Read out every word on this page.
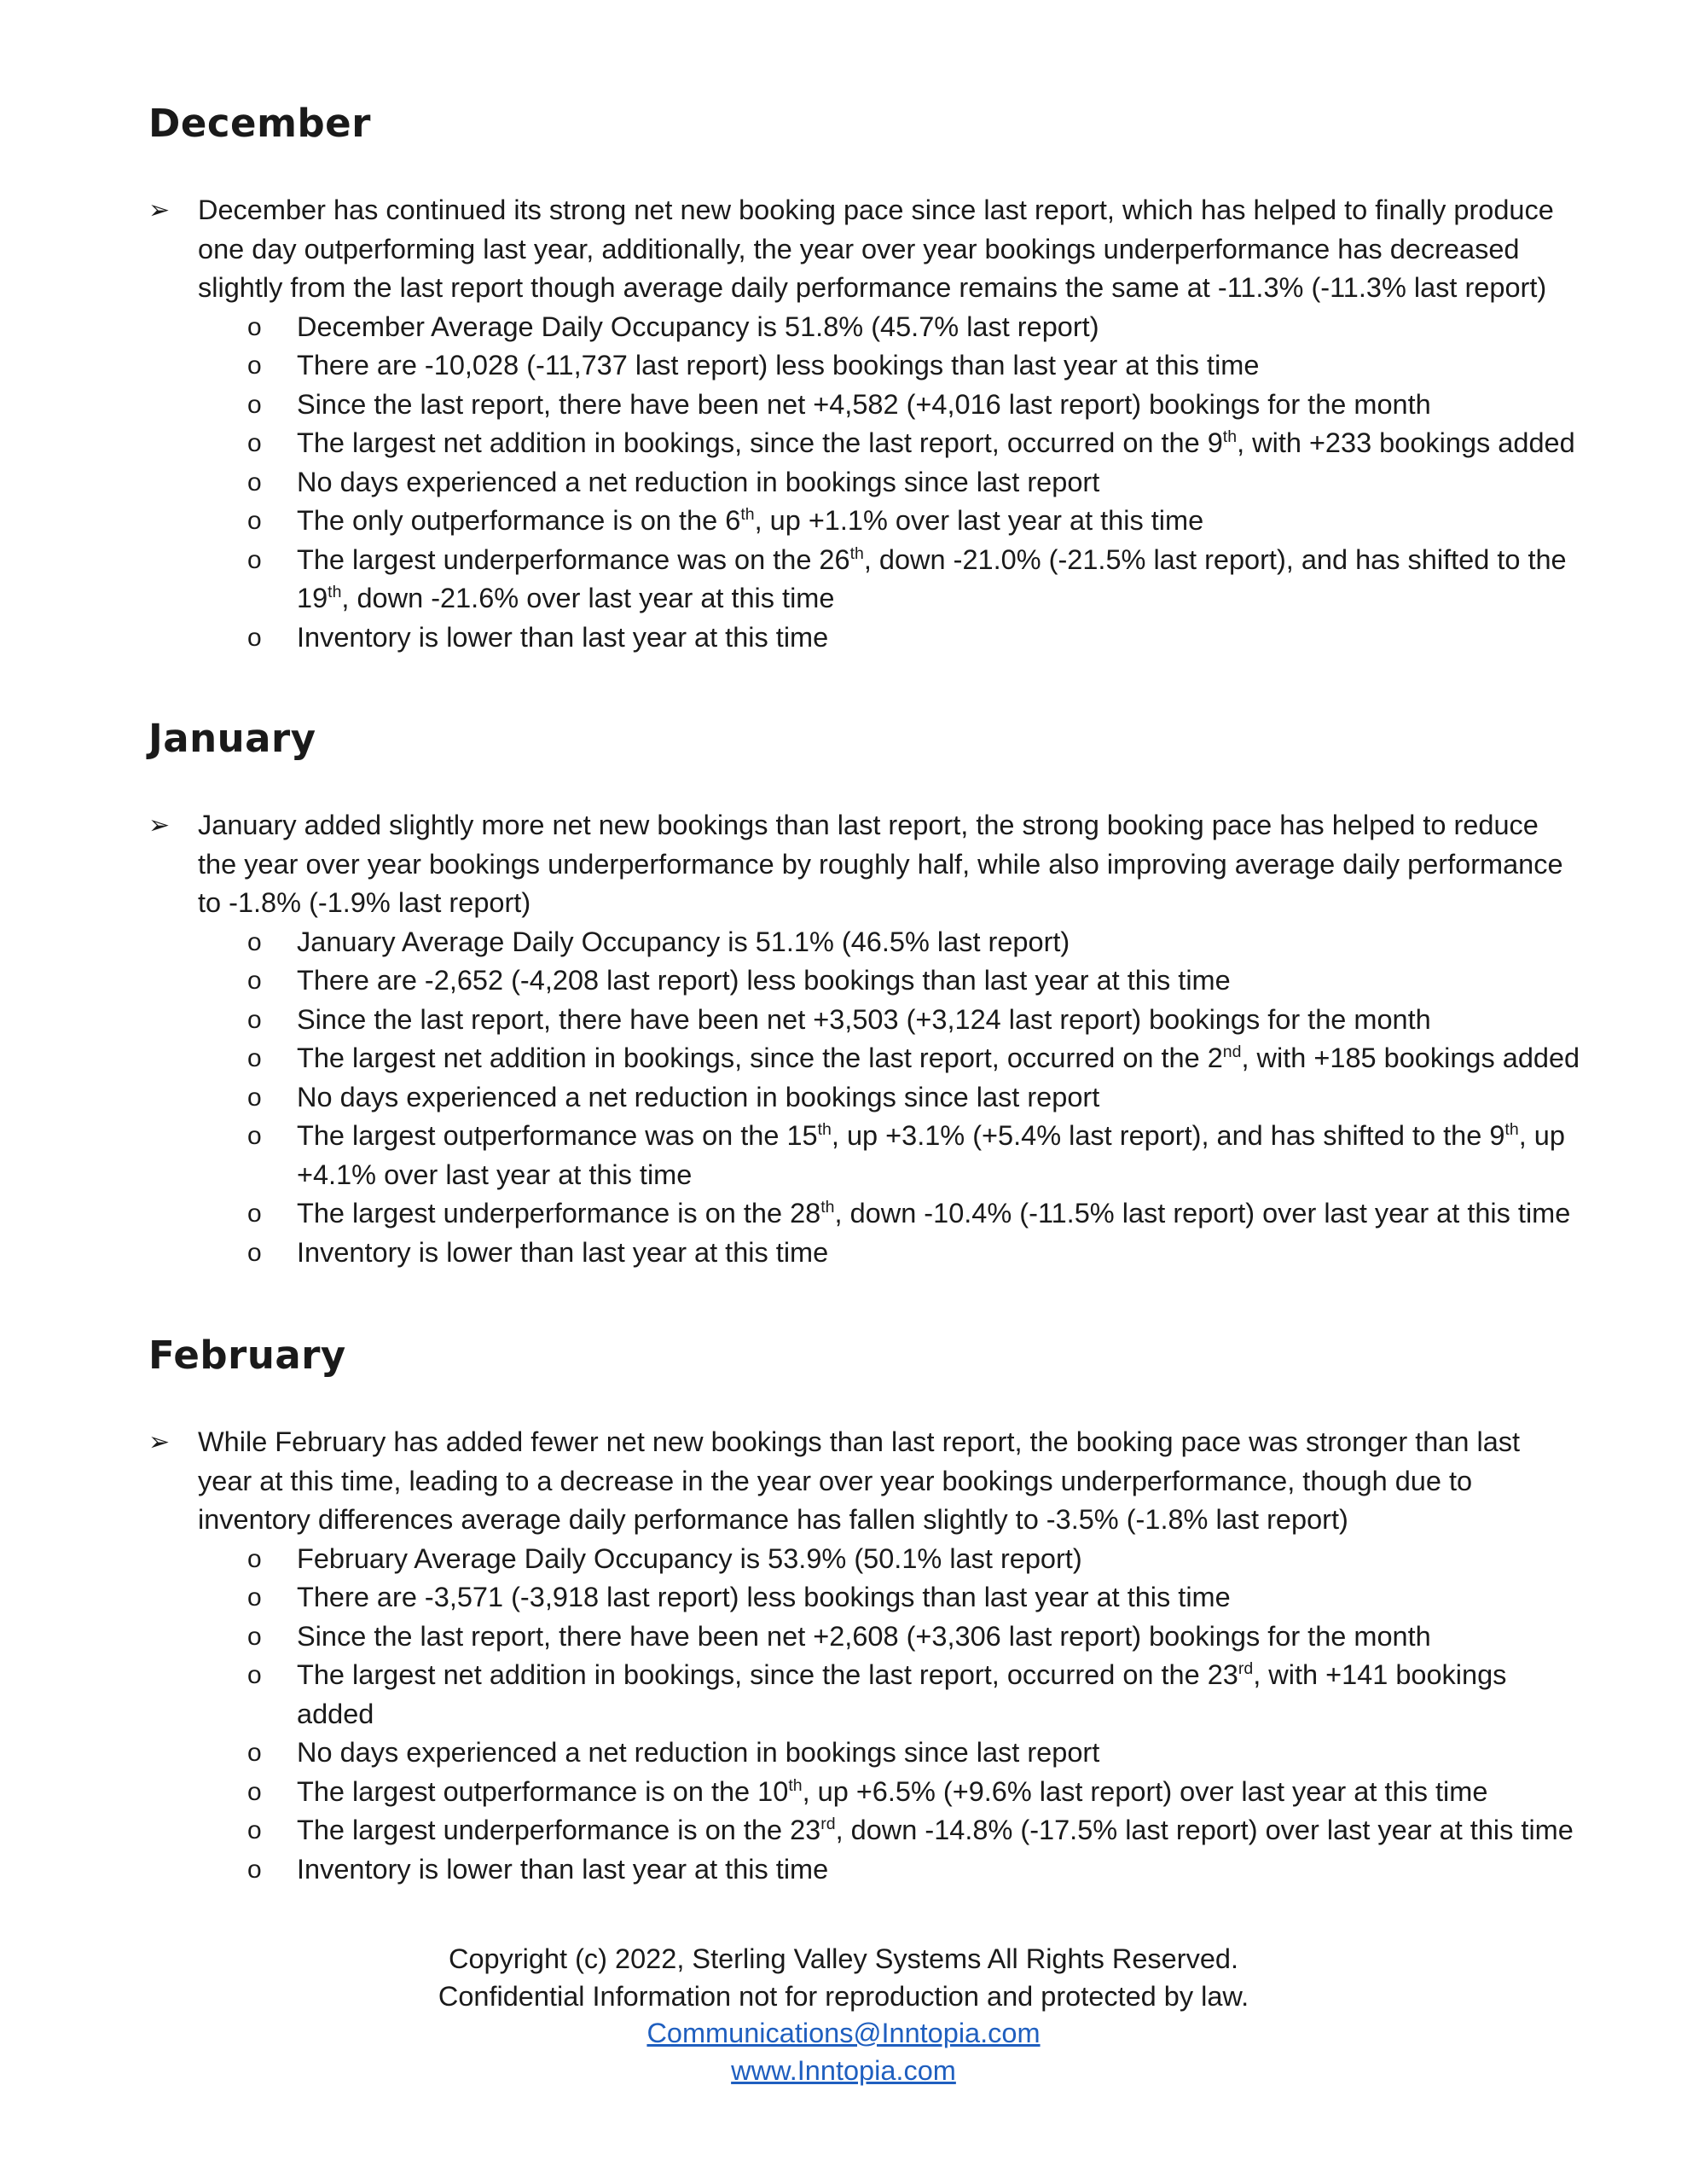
December
➢ December has continued its strong net new booking pace since last report, which has helped to finally produce one day outperforming last year, additionally, the year over year bookings underperformance has decreased slightly from the last report though average daily performance remains the same at -11.3% (-11.3% last report)
o December Average Daily Occupancy is 51.8% (45.7% last report)
o There are -10,028 (-11,737 last report) less bookings than last year at this time
o Since the last report, there have been net +4,582 (+4,016 last report) bookings for the month
o The largest net addition in bookings, since the last report, occurred on the 9th, with +233 bookings added
o No days experienced a net reduction in bookings since last report
o The only outperformance is on the 6th, up +1.1% over last year at this time
o The largest underperformance was on the 26th, down -21.0% (-21.5% last report), and has shifted to the 19th, down -21.6% over last year at this time
o Inventory is lower than last year at this time
January
➢ January added slightly more net new bookings than last report, the strong booking pace has helped to reduce the year over year bookings underperformance by roughly half, while also improving average daily performance to -1.8% (-1.9% last report)
o January Average Daily Occupancy is 51.1% (46.5% last report)
o There are -2,652 (-4,208 last report) less bookings than last year at this time
o Since the last report, there have been net +3,503 (+3,124 last report) bookings for the month
o The largest net addition in bookings, since the last report, occurred on the 2nd, with +185 bookings added
o No days experienced a net reduction in bookings since last report
o The largest outperformance was on the 15th, up +3.1% (+5.4% last report), and has shifted to the 9th, up +4.1% over last year at this time
o The largest underperformance is on the 28th, down -10.4% (-11.5% last report) over last year at this time
o Inventory is lower than last year at this time
February
➢ While February has added fewer net new bookings than last report, the booking pace was stronger than last year at this time, leading to a decrease in the year over year bookings underperformance, though due to inventory differences average daily performance has fallen slightly to -3.5% (-1.8% last report)
o February Average Daily Occupancy is 53.9% (50.1% last report)
o There are -3,571 (-3,918 last report) less bookings than last year at this time
o Since the last report, there have been net +2,608 (+3,306 last report) bookings for the month
o The largest net addition in bookings, since the last report, occurred on the 23rd, with +141 bookings added
o No days experienced a net reduction in bookings since last report
o The largest outperformance is on the 10th, up +6.5% (+9.6% last report) over last year at this time
o The largest underperformance is on the 23rd, down -14.8% (-17.5% last report) over last year at this time
o Inventory is lower than last year at this time
Copyright (c) 2022, Sterling Valley Systems All Rights Reserved.
Confidential Information not for reproduction and protected by law.
Communications@Inntopia.com
www.Inntopia.com
